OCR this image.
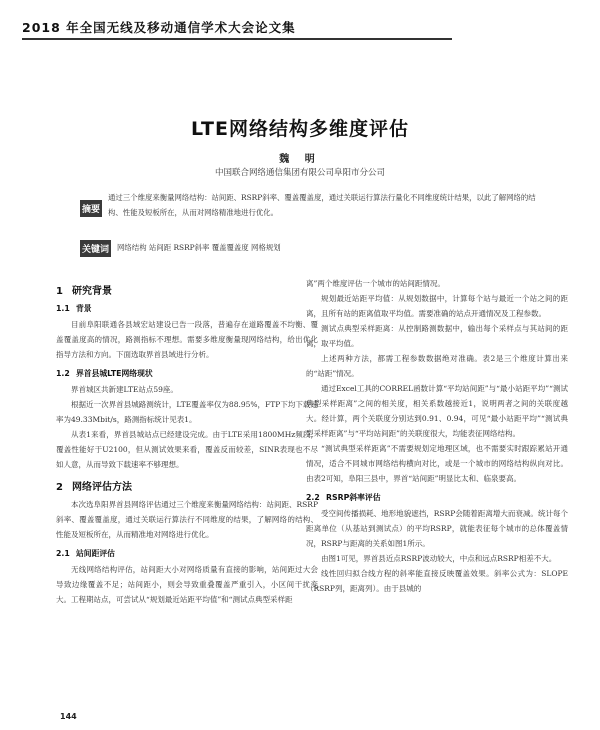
2018 年全国无线及移动通信学术大会论文集
LTE网络结构多维度评估
魏 明
中国联合网络通信集团有限公司阜阳市分公司
摘要
通过三个维度来衡量网络结构：站间距、RSRP斜率、覆盖覆盖度，通过关联运行算法行量化不同维度统计结果，以此了解网络的结构、性能及短板所在，从而对网络精准地进行优化。
关键词 网络结构 站间距 RSRP斜率 覆盖覆盖度 网格规划
1 研究背景
1.1 背景

目前阜阳联通各县域宏站建设已告一段落，普遍存在道路覆盖不均衡、覆盖覆盖度高的情况，路测指标不理想。需要多维度衡量现网络结构，给出优化指导方法和方向。下面选取界首县域进行分析。

1.2 界首县城LTE网络现状

界首城区共新建LTE站点59座。

根据近一次界首县城路测统计，LTE覆盖率仅为88.95%，FTP下均下载速率为49.33Mbit/s，路测指标统计见表1。

从表1来看，界首县城站点已经建设完成。由于LTE采用1800MHz频段，覆盖性能好于U2100，但从测试效果来看，覆盖反而较差，SINR表现也不尽如人意，从而导致下载速率不够理想。

2 网络评估方法

本次选阜阳界首县网络评估通过三个维度来衡量网络结构：站间距、RSRP斜率、覆盖覆盖度，通过关联运行算法行不同维度的结果，了解网络的结构、性能及短板所在，从而精准地对网络进行优化。

2.1 站间距评估

无线网络结构评估，站间距大小对网络质量有直接的影响，站间距过大会导致边缘覆盖不足；站间距小，则会导致重叠覆盖严重引入，小区间干扰变大。工程期站点，可尝试从“规划最近站距平均值”和“测试点典型采样距

离”两个维度评估一个城市的站间距情况。

规划最近站距平均值：从规划数据中，计算每个站与最近一个站之间的距离，且所有站的距离值取平均值。需要准确的站点开通情况及工程参数。

测试点典型采样距离：从控制路测数据中，输出每个采样点与其站间的距离，取平均值。

上述两种方法，都需工程参数数据绝对准确。表2是三个维度计算出来的“站距”情况。

通过Excel工具的CORREL函数计算“平均站间距”与“最小站距平均”“测试典型采样距离”之间的相关度，相关系数越接近1，说明两者之间的关联度越大。经计算，两个关联度分别达到0.91、0.94，可见“最小站距平均”“测试典型采样距离”与“平均站间距”的关联度很大，均能表征网络结构。

“测试典型采样距离”不需要规划定地理区域，也不需要实时跟踪累站开通情况，适合不同城市网络结构横向对比，或是一个城市的网络结构纵向对比。由表2可知，阜阳三县中，界首“站间距”明显比太和、临泉要高。

2.2 RSRP斜率评估

受空间传播损耗、地形地貌遮挡，RSRP会随着距离增大而衰减。统计每个距离单位（从基站到测试点）的平均RSRP，就能表征每个城市的总体覆盖情况，RSRP与距离的关系如图1所示。

由图1可见，界首县近点RSRP波动较大，中点和远点RSRP相差不大。

线性回归拟合线方程的斜率能直接反映覆盖效果。斜率公式为：SLOPE（RSRP列，距离列）。由于县城的

144
